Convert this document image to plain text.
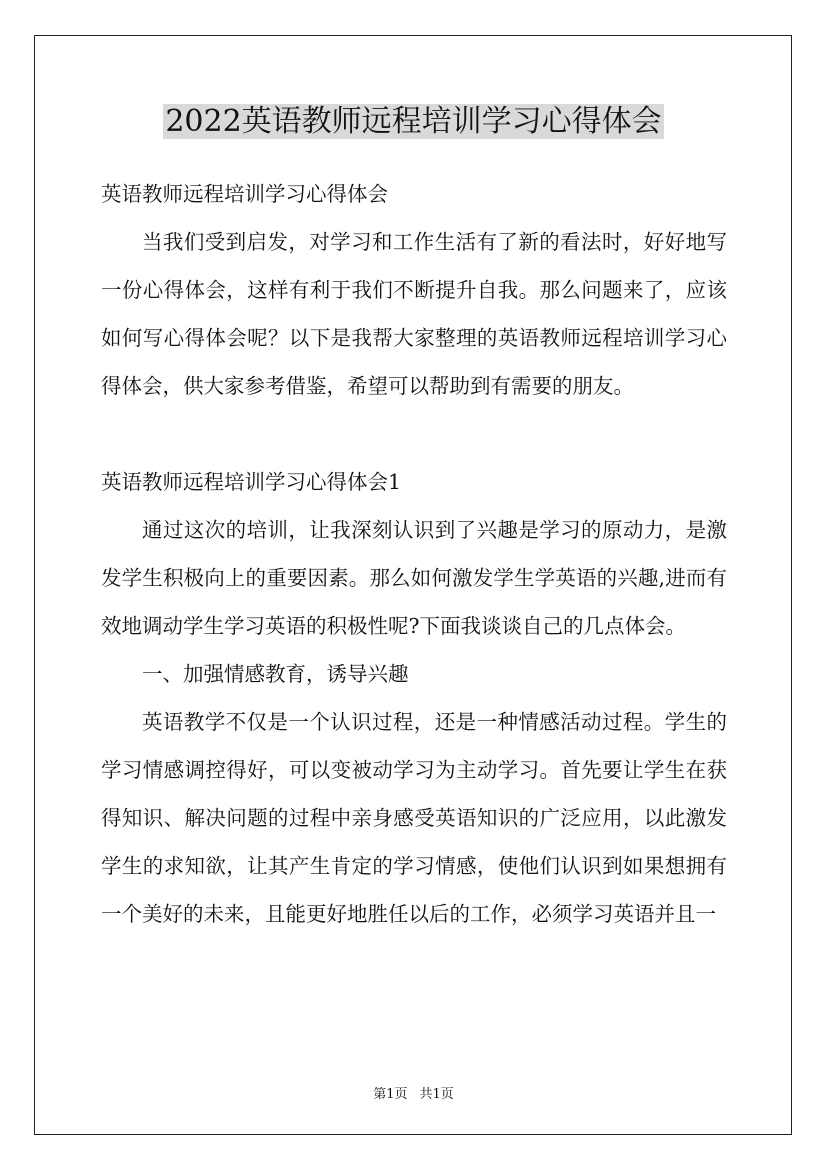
2022英语教师远程培训学习心得体会

英语教师远程培训学习心得体会

当我们受到启发，对学习和工作生活有了新的看法时，好好地写一份心得体会，这样有利于我们不断提升自我。那么问题来了，应该如何写心得体会呢？以下是我帮大家整理的英语教师远程培训学习心得体会，供大家参考借鉴，希望可以帮助到有需要的朋友。

英语教师远程培训学习心得体会1

通过这次的培训，让我深刻认识到了兴趣是学习的原动力，是激发学生积极向上的重要因素。那么如何激发学生学英语的兴趣,进而有效地调动学生学习英语的积极性呢?下面我谈谈自己的几点体会。

一、加强情感教育，诱导兴趣

英语教学不仅是一个认识过程，还是一种情感活动过程。学生的学习情感调控得好，可以变被动学习为主动学习。首先要让学生在获得知识、解决问题的过程中亲身感受英语知识的广泛应用，以此激发学生的求知欲，让其产生肯定的学习情感，使他们认识到如果想拥有一个美好的未来，且能更好地胜任以后的工作，必须学习英语并且一

第1页 共1页
